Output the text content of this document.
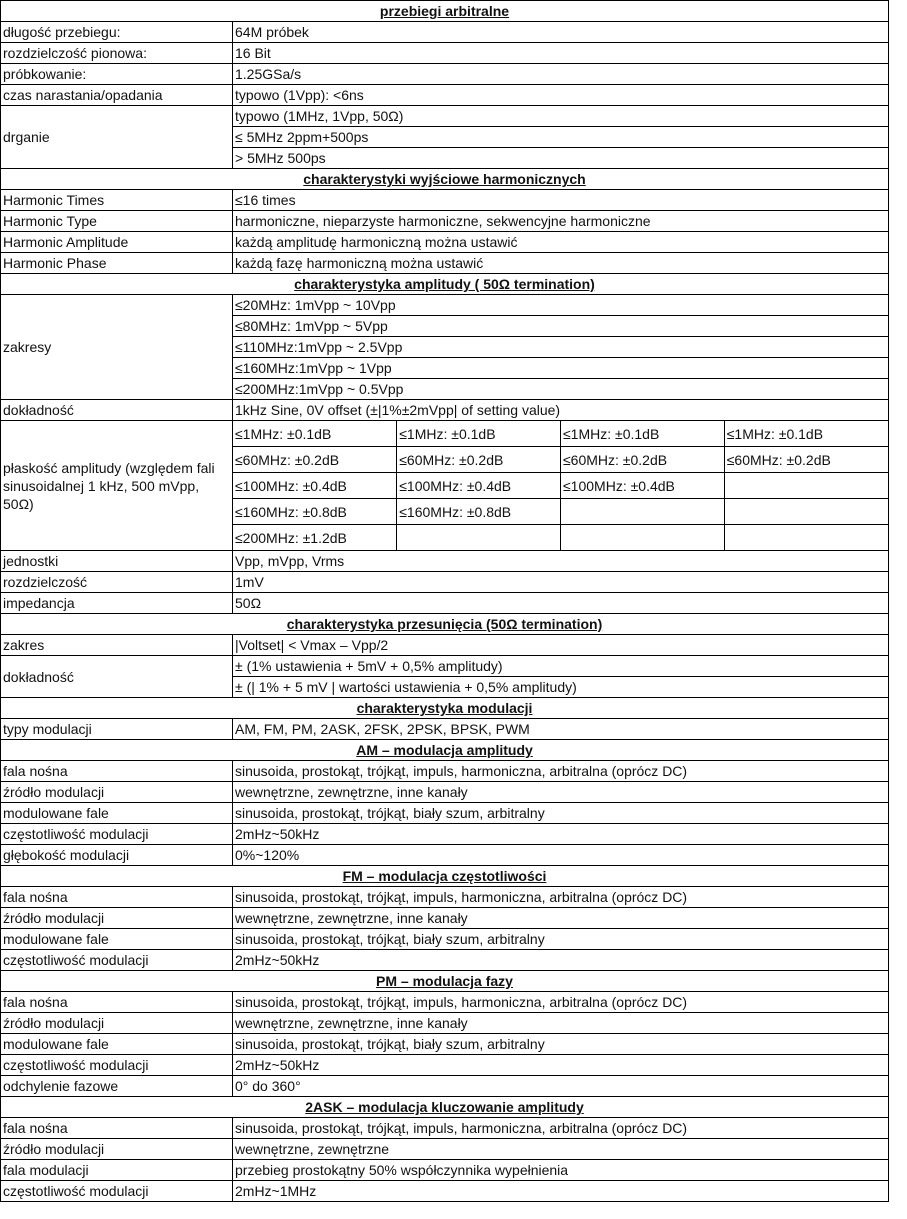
przebiegi arbitralne
długość przebiegu:	64M próbek
rozdzielczość pionowa:	16 Bit
próbkowanie:	1.25GSa/s
czas narastania/opadania	typowo (1Vpp): <6ns
drganie	typowo (1MHz, 1Vpp, 50Ω)
≤ 5MHz 2ppm+500ps
> 5MHz 500ps
charakterystyki wyjściowe harmonicznych
Harmonic Times	≤16 times
Harmonic Type	harmoniczne, nieparzyste harmoniczne, sekwencyjne harmoniczne
Harmonic Amplitude	każdą amplitudę harmoniczną można ustawić
Harmonic Phase	każdą fazę harmoniczną można ustawić
charakterystyka amplitudy ( 50Ω termination)
zakresy	≤20MHz: 1mVpp ~ 10Vpp
≤80MHz: 1mVpp ~ 5Vpp
≤110MHz:1mVpp ~ 2.5Vpp
≤160MHz:1mVpp ~ 1Vpp
≤200MHz:1mVpp ~ 0.5Vpp
dokładność	1kHz Sine, 0V offset (±|1%±2mVpp| of setting value)
płaskość amplitudy (względem fali sinusoidalnej 1 kHz, 500 mVpp, 50Ω)	
≤1MHz: ±0.1dB	≤1MHz: ±0.1dB	≤1MHz: ±0.1dB	≤1MHz: ±0.1dB
≤60MHz: ±0.2dB	≤60MHz: ±0.2dB	≤60MHz: ±0.2dB	≤60MHz: ±0.2dB
≤100MHz: ±0.4dB	≤100MHz: ±0.4dB	≤100MHz: ±0.4dB	
≤160MHz: ±0.8dB	≤160MHz: ±0.8dB		
≤200MHz: ±1.2dB			

jednostki	Vpp, mVpp, Vrms
rozdzielczość	1mV
impedancja	50Ω
charakterystyka przesunięcia (50Ω termination)
zakres	|Voltset| < Vmax – Vpp/2
dokładność	± (1% ustawienia + 5mV + 0,5% amplitudy)
± (| 1% + 5 mV | wartości ustawienia + 0,5% amplitudy)
charakterystyka modulacji
typy modulacji	AM, FM, PM, 2ASK, 2FSK, 2PSK, BPSK, PWM
AM – modulacja amplitudy
fala nośna	sinusoida, prostokąt, trójkąt, impuls, harmoniczna, arbitralna (oprócz DC)
źródło modulacji	wewnętrzne, zewnętrzne, inne kanały
modulowane fale	sinusoida, prostokąt, trójkąt, biały szum, arbitralny
częstotliwość modulacji	2mHz~50kHz
głębokość modulacji	0%~120%
FM – modulacja częstotliwości
fala nośna	sinusoida, prostokąt, trójkąt, impuls, harmoniczna, arbitralna (oprócz DC)
źródło modulacji	wewnętrzne, zewnętrzne, inne kanały
modulowane fale	sinusoida, prostokąt, trójkąt, biały szum, arbitralny
częstotliwość modulacji	2mHz~50kHz
PM – modulacja fazy
fala nośna	sinusoida, prostokąt, trójkąt, impuls, harmoniczna, arbitralna (oprócz DC)
źródło modulacji	wewnętrzne, zewnętrzne, inne kanały
modulowane fale	sinusoida, prostokąt, trójkąt, biały szum, arbitralny
częstotliwość modulacji	2mHz~50kHz
odchylenie fazowe	0° do 360°
2ASK – modulacja kluczowanie amplitudy
fala nośna	sinusoida, prostokąt, trójkąt, impuls, harmoniczna, arbitralna (oprócz DC)
źródło modulacji	wewnętrzne, zewnętrzne
fala modulacji	przebieg prostokątny 50% współczynnika wypełnienia
częstotliwość modulacji	2mHz~1MHz
